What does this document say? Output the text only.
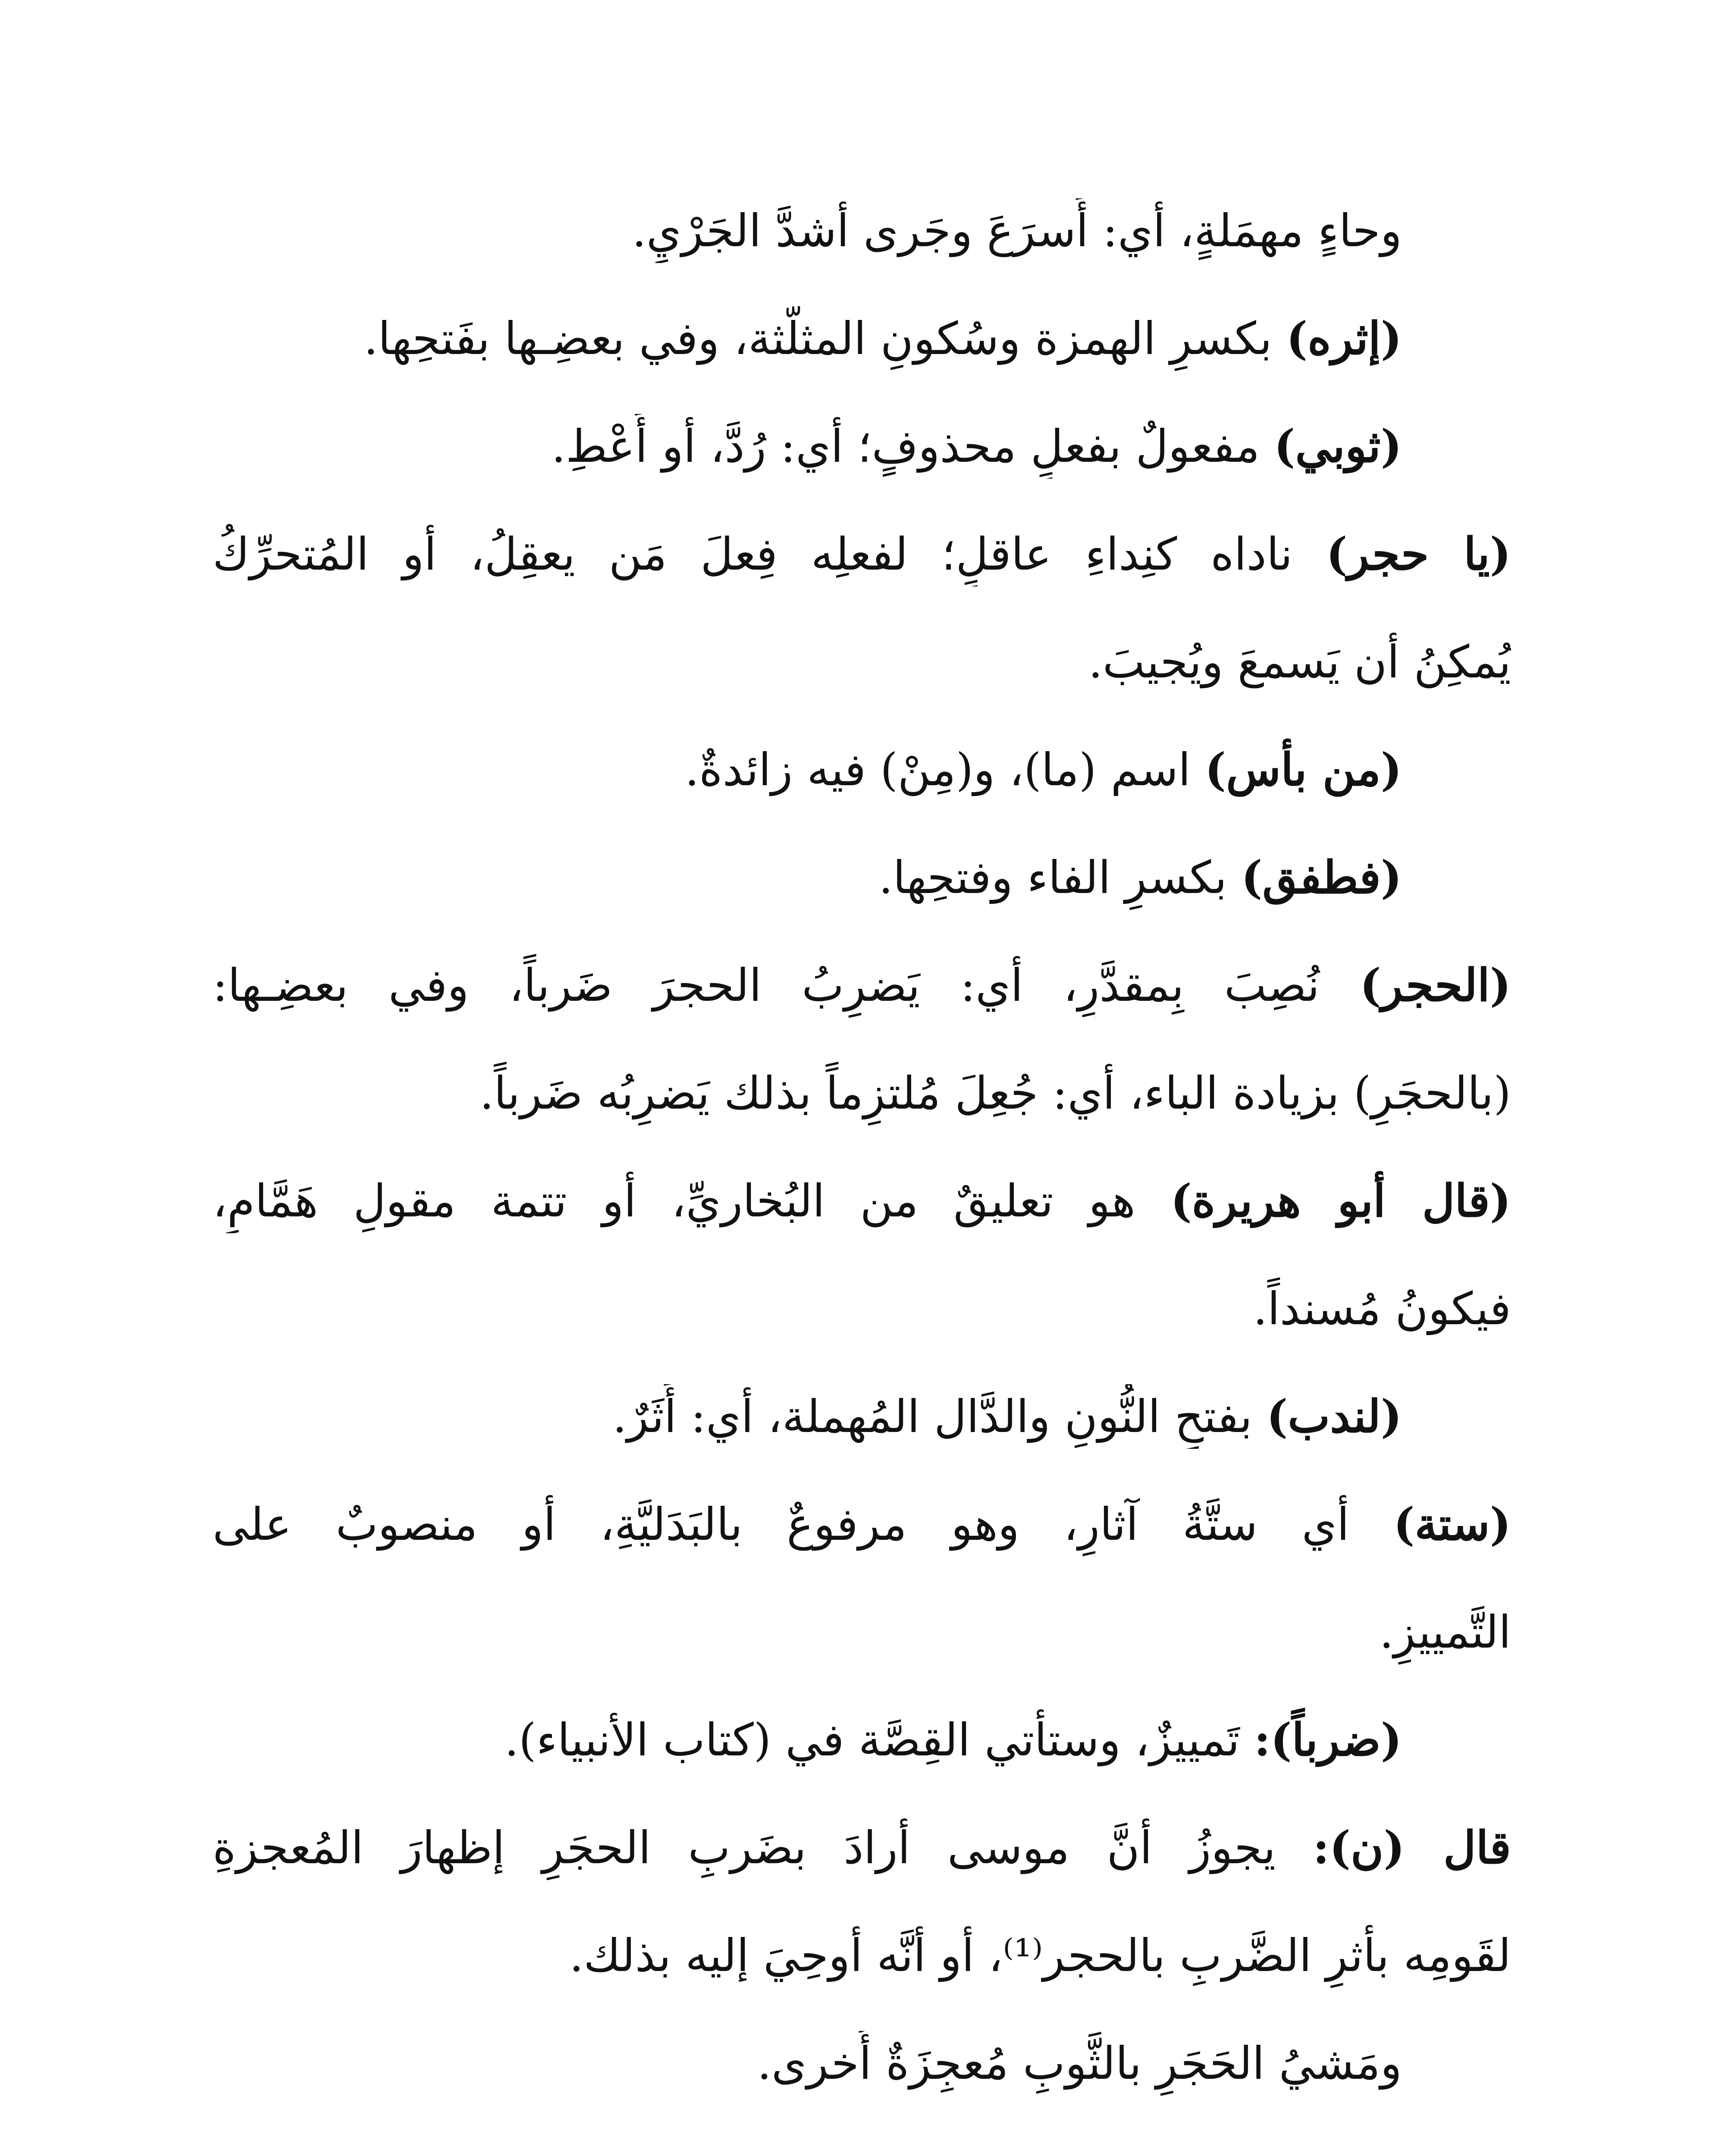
وحاءٍ مهمَلةٍ، أي: أَسرَعَ وجَرى أشدَّ الجَرْيِ.
(إثره) بكسرِ الهمزة وسُكونِ المثلَّثة، وفي بعضِـها بفَتحِها.
(ثوبي) مفعولٌ بفعلٍ محذوفٍ؛ أي: رُدَّ، أو أَعْطِ.
(يا حجر) ناداه كنِداءِ عاقلٍ؛ لفعلِه فِعلَ مَن يعقِلُ، أو المُتحرِّكُ
يُمكِنُ أن يَسمعَ ويُجيبَ.
(من بأس) اسم (ما)، و(مِنْ) فيه زائدةٌ.
(فطفق) بكسرِ الفاء وفتحِها.
(الحجر) نُصِبَ بِمقدَّرٍ، أي: يَضرِبُ الحجرَ ضَرباً، وفي بعضِـها:
(بالحجَرِ) بزيادة الباء، أي: جُعِلَ مُلتزِماً بذلك يَضرِبُه ضَرباً.
(قال أبو هريرة) هو تعليقٌ من البُخاريِّ، أو تتمة مقولِ هَمَّامٍ،
فيكونُ مُسنداً.
(لندب) بفتحِ النُّونِ والدَّال المُهملة، أي: أَثَرٌ.
(ستة) أي ستَّةُ آثارٍ، وهو مرفوعٌ بالبَدَليَّةِ، أو منصوبٌ على
التَّمييزِ.
(ضرباً): تَمييزٌ، وستأتي القِصَّة في (كتاب الأنبياء).
قال (ن): يجوزُ أنَّ موسى أرادَ بضَربِ الحجَرِ إظهارَ المُعجزةِ
لقَومِه بأثرِ الضَّربِ بالحجر⁽¹⁾، أو أنَّه أوحِيَ إليه بذلك.
ومَشيُ الحَجَرِ بالثَّوبِ مُعجِزَةٌ أُخرى.
